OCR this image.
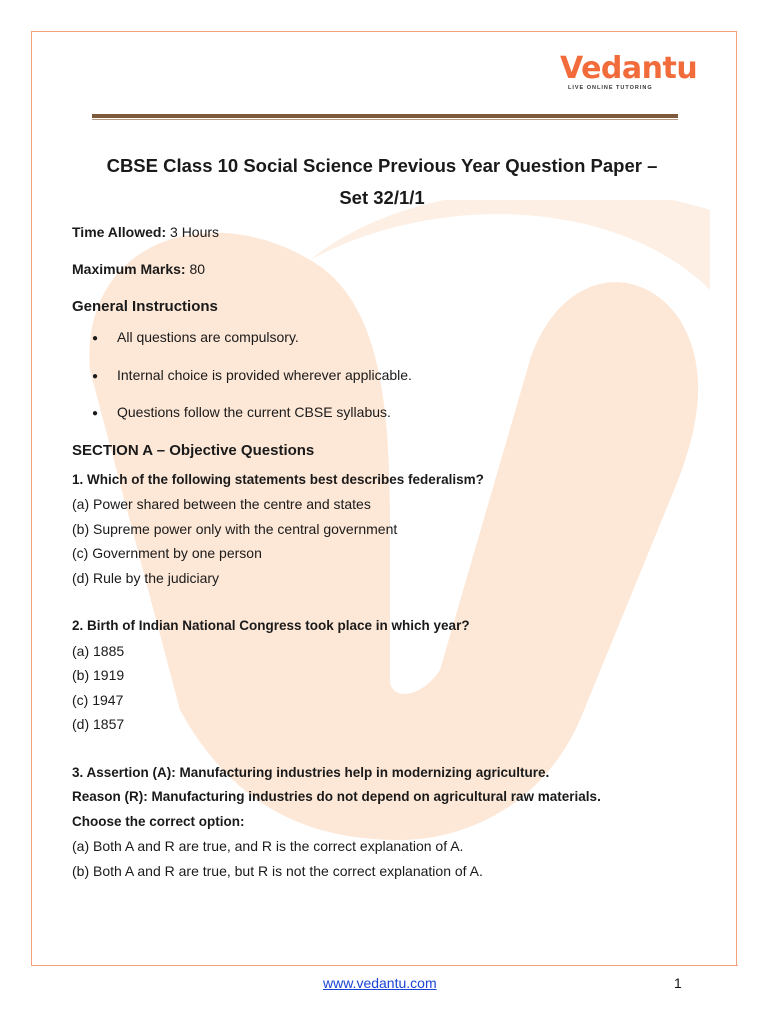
Vedantu
LIVE ONLINE TUTORING
CBSE Class 10 Social Science Previous Year Question Paper –
Set 32/1/1
Time Allowed: 3 Hours
Maximum Marks: 80
General Instructions
● All questions are compulsory.
● Internal choice is provided wherever applicable.
● Questions follow the current CBSE syllabus.
SECTION A – Objective Questions
1. Which of the following statements best describes federalism?
(a) Power shared between the centre and states
(b) Supreme power only with the central government
(c) Government by one person
(d) Rule by the judiciary
2. Birth of Indian National Congress took place in which year?
(a) 1885
(b) 1919
(c) 1947
(d) 1857
3. Assertion (A): Manufacturing industries help in modernizing agriculture.
Reason (R): Manufacturing industries do not depend on agricultural raw materials.
Choose the correct option:
(a) Both A and R are true, and R is the correct explanation of A.
(b) Both A and R are true, but R is not the correct explanation of A.
www.vedantu.com	1
